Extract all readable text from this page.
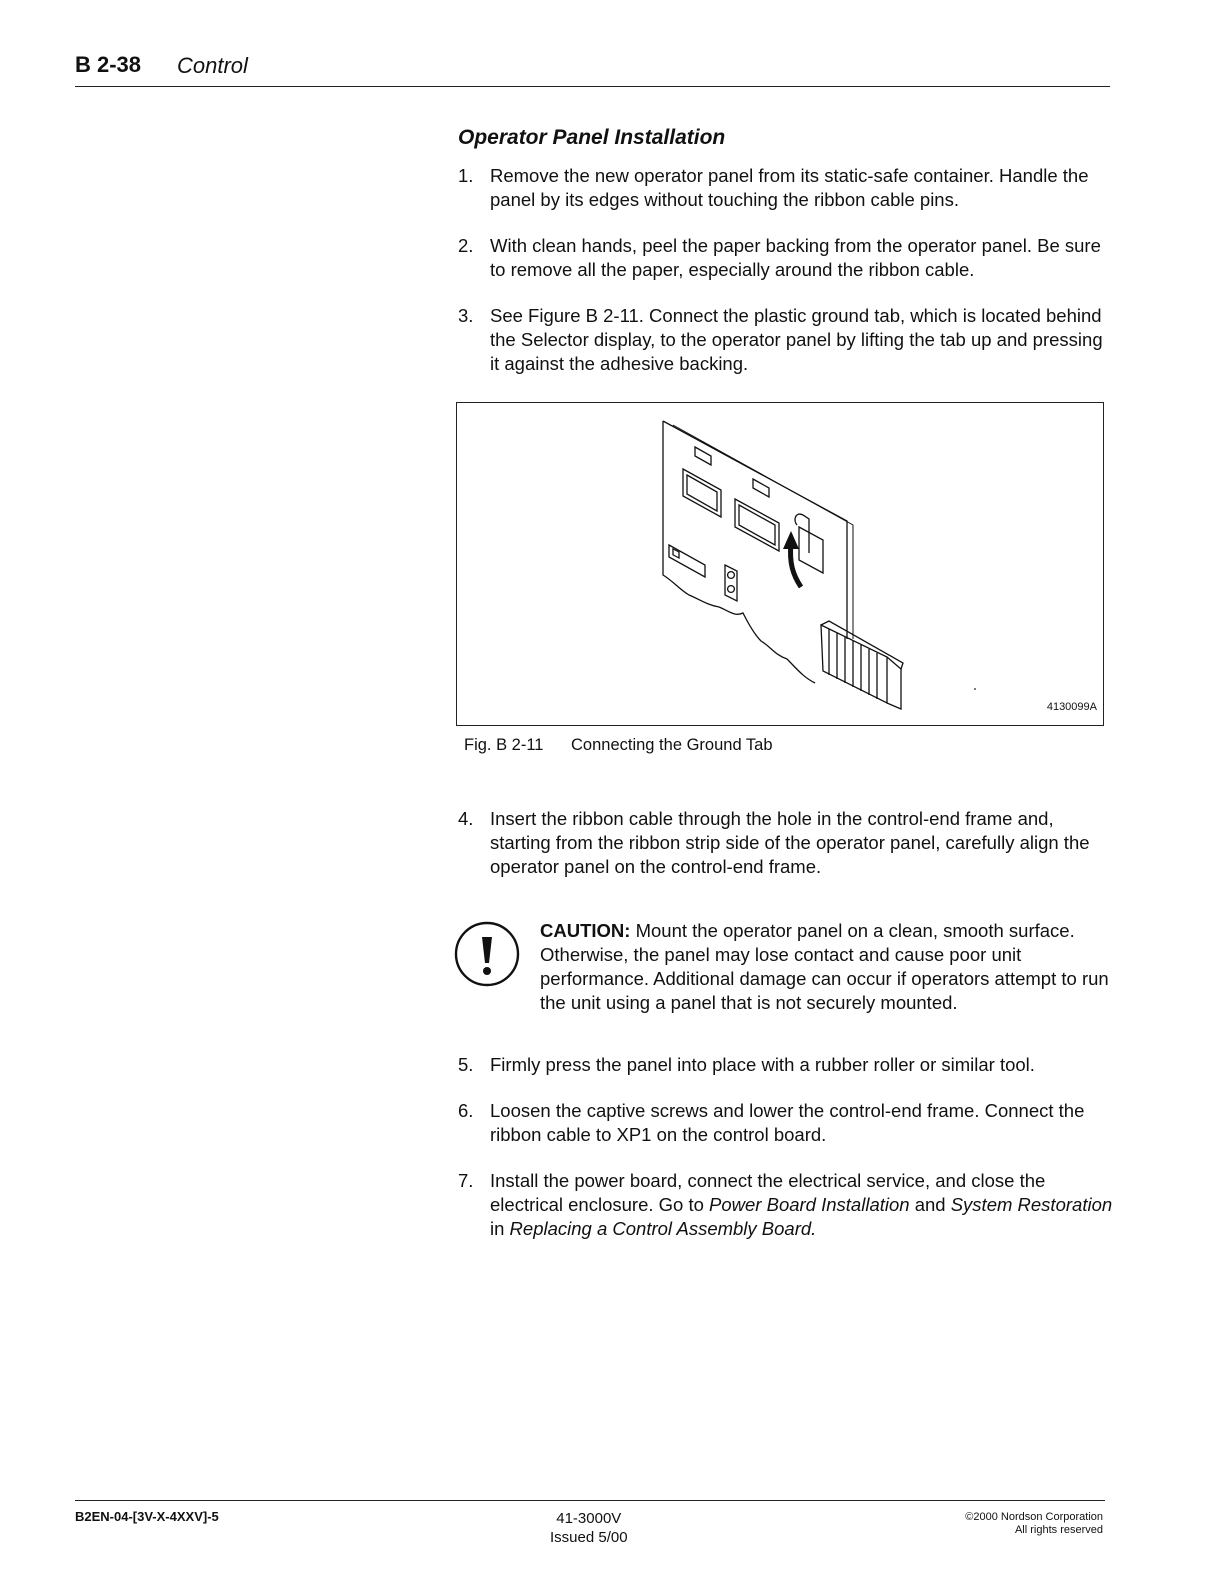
B 2-38 Control
Operator Panel Installation
1. Remove the new operator panel from its static-safe container. Handle the panel by its edges without touching the ribbon cable pins.
2. With clean hands, peel the paper backing from the operator panel. Be sure to remove all the paper, especially around the ribbon cable.
3. See Figure B 2-11. Connect the plastic ground tab, which is located behind the Selector display, to the operator panel by lifting the tab up and pressing it against the adhesive backing.
4130099A
Fig. B 2-11 Connecting the Ground Tab
4. Insert the ribbon cable through the hole in the control-end frame and, starting from the ribbon strip side of the operator panel, carefully align the operator panel on the control-end frame.
CAUTION: Mount the operator panel on a clean, smooth surface. Otherwise, the panel may lose contact and cause poor unit performance. Additional damage can occur if operators attempt to run the unit using a panel that is not securely mounted.
5. Firmly press the panel into place with a rubber roller or similar tool.
6. Loosen the captive screws and lower the control-end frame. Connect the ribbon cable to XP1 on the control board.
7. Install the power board, connect the electrical service, and close the electrical enclosure. Go to Power Board Installation and System Restoration in Replacing a Control Assembly Board.
B2EN-04-[3V-X-4XXV]-5	41-3000V
Issued 5/00
©2000 Nordson Corporation
All rights reserved
